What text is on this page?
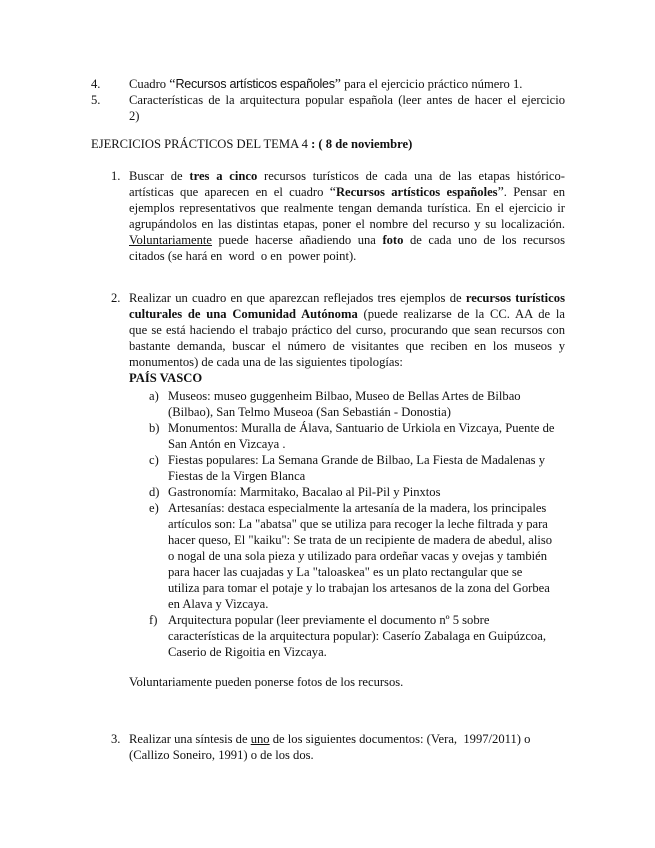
4. Cuadro “Recursos artísticos españoles” para el ejercicio práctico número 1.
5. Características de la arquitectura popular española (leer antes de hacer el ejercicio
2)
EJERCICIOS PRÁCTICOS DEL TEMA 4 : ( 8 de noviembre)
1. Buscar de tres a cinco recursos turísticos de cada una de las etapas histórico-
artísticas que aparecen en el cuadro “Recursos artísticos españoles”. Pensar en
ejemplos representativos que realmente tengan demanda turística. En el ejercicio ir
agrupándolos en las distintas etapas, poner el nombre del recurso y su localización.
Voluntariamente puede hacerse añadiendo una foto de cada uno de los recursos
citados (se hará en  word  o en  power point).
2. Realizar un cuadro en que aparezcan reflejados tres ejemplos de recursos turísticos
culturales de una Comunidad Autónoma (puede realizarse de la CC. AA de la
que se está haciendo el trabajo práctico del curso, procurando que sean recursos con
bastante demanda, buscar el número de visitantes que reciben en los museos y
monumentos) de cada una de las siguientes tipologías:
PAÍS VASCO
a) Museos: museo guggenheim Bilbao, Museo de Bellas Artes de Bilbao
(Bilbao), San Telmo Museoa (San Sebastián - Donostia)
b) Monumentos: Muralla de Álava, Santuario de Urkiola en Vizcaya, Puente de
San Antón en Vizcaya .
c) Fiestas populares: La Semana Grande de Bilbao, La Fiesta de Madalenas y
Fiestas de la Virgen Blanca
d) Gastronomía: Marmitako, Bacalao al Pil-Pil y Pinxtos
e) Artesanías: destaca especialmente la artesanía de la madera, los principales
artículos son: La "abatsa" que se utiliza para recoger la leche filtrada y para
hacer queso, El "kaiku": Se trata de un recipiente de madera de abedul, aliso
o nogal de una sola pieza y utilizado para ordeñar vacas y ovejas y también
para hacer las cuajadas y La "taloaskea" es un plato rectangular que se
utiliza para tomar el potaje y lo trabajan los artesanos de la zona del Gorbea
en Alava y Vizcaya.
f) Arquitectura popular (leer previamente el documento nº 5 sobre
características de la arquitectura popular): Caserío Zabalaga en Guipúzcoa,
Caserio de Rigoitia en Vizcaya.
Voluntariamente pueden ponerse fotos de los recursos.
3. Realizar una síntesis de uno de los siguientes documentos: (Vera,  1997/2011) o
(Callizo Soneiro, 1991) o de los dos.
